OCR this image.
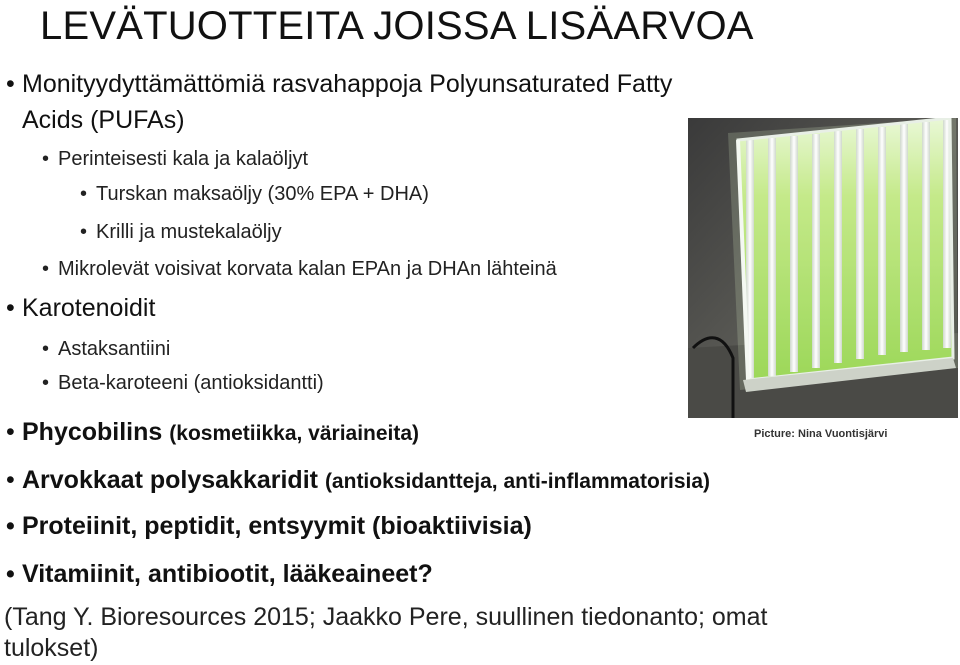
LEVÄTUOTTEITA JOISSA LISÄARVOA
• Monityydyttämättömiä rasvahappoja Polyunsaturated Fatty
Acids (PUFAs)
• Perinteisesti kala ja kalaöljyt
• Turskan maksaöljy (30% EPA + DHA)
• Krilli ja mustekalaöljy
• Mikrolevät voisivat korvata kalan EPAn ja DHAn lähteinä
• Karotenoidit
• Astaksantiini
• Beta-karoteeni (antioksidantti)
• Phycobilins (kosmetiikka, väriaineita)
• Arvokkaat polysakkaridit (antioksidantteja, anti-inflammatorisia)
• Proteiinit, peptidit, entsyymit (bioaktiivisia)
• Vitamiinit, antibiootit, lääkeaineet?
(Tang Y. Bioresources 2015; Jaakko Pere, suullinen tiedonanto; omat
tulokset)
Picture: Nina Vuontisjärvi
